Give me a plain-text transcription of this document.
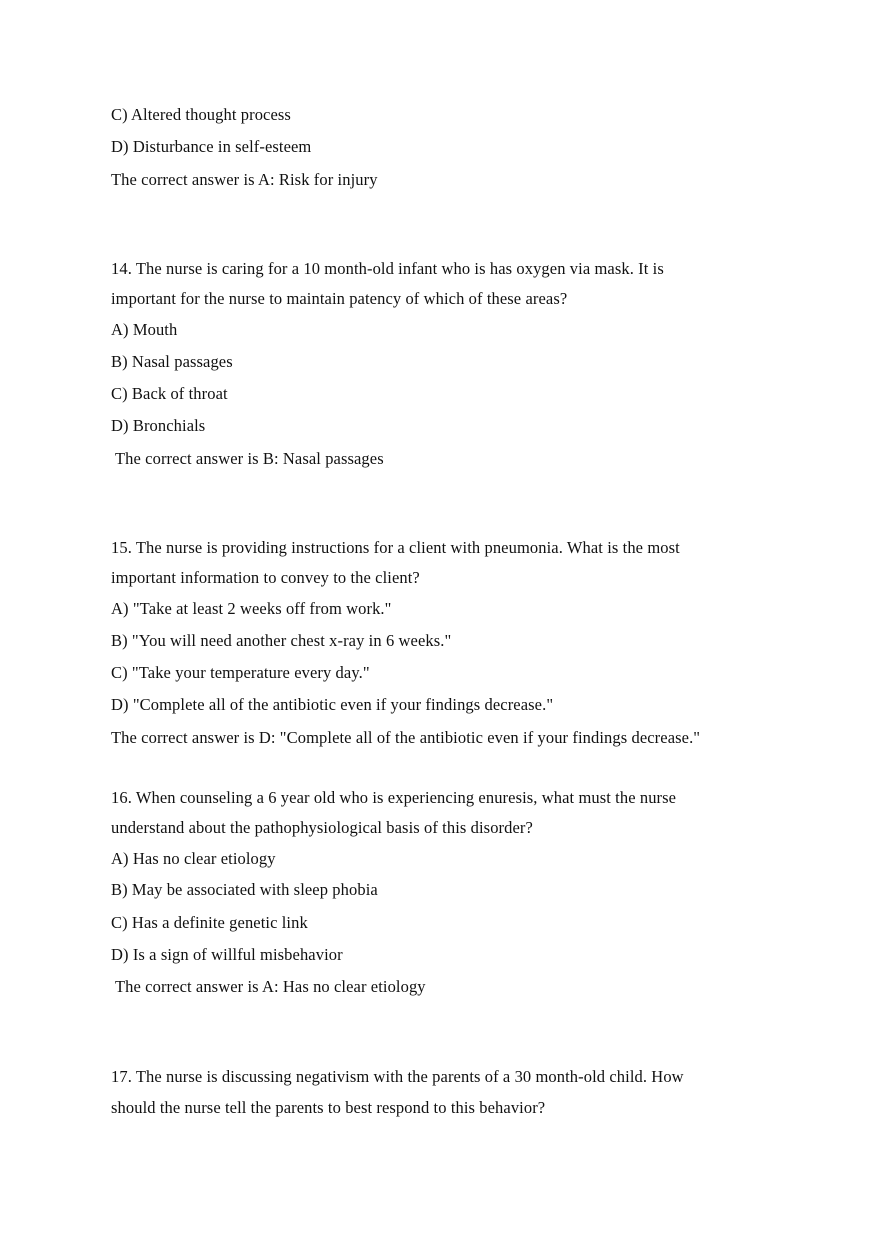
C) Altered thought process
D) Disturbance in self-esteem
The correct answer is A: Risk for injury
14. The nurse is caring for a 10 month-old infant who is has oxygen via mask. It is
important for the nurse to maintain patency of which of these areas?
A) Mouth
B) Nasal passages
C) Back of throat
D) Bronchials
The correct answer is B: Nasal passages
15. The nurse is providing instructions for a client with pneumonia. What is the most
important information to convey to the client?
A) "Take at least 2 weeks off from work."
B) "You will need another chest x-ray in 6 weeks."
C) "Take your temperature every day."
D) "Complete all of the antibiotic even if your findings decrease."
The correct answer is D: "Complete all of the antibiotic even if your findings decrease."
16. When counseling a 6 year old who is experiencing enuresis, what must the nurse
understand about the pathophysiological basis of this disorder?
A) Has no clear etiology
B) May be associated with sleep phobia
C) Has a definite genetic link
D) Is a sign of willful misbehavior
The correct answer is A: Has no clear etiology
17. The nurse is discussing negativism with the parents of a 30 month-old child. How
should the nurse tell the parents to best respond to this behavior?
